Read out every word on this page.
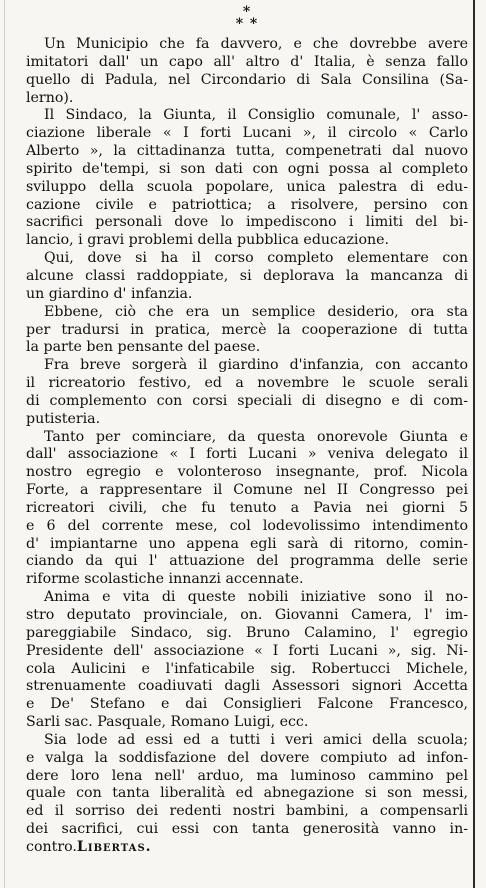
*
* *
Un Municipio che fa davvero, e che dovrebbe avere
imitatori dall' un capo all' altro d' Italia, è senza fallo
quello di Padula, nel Circondario di Sala Consilina (Sa-
lerno).
Il Sindaco, la Giunta, il Consiglio comunale, l' asso-
ciazione liberale « I forti Lucani », il circolo « Carlo
Alberto », la cittadinanza tutta, compenetrati dal nuovo
spirito de'tempi, si son dati con ogni possa al completo
sviluppo della scuola popolare, unica palestra di edu-
cazione civile e patriottica; a risolvere, persino con
sacrifici personali dove lo impediscono i limiti del bi-
lancio, i gravi problemi della pubblica educazione.
Qui, dove si ha il corso completo elementare con
alcune classi raddoppiate, si deplorava la mancanza di
un giardino d' infanzia.
Ebbene, ciò che era un semplice desiderio, ora sta
per tradursi in pratica, mercè la cooperazione di tutta
la parte ben pensante del paese.
Fra breve sorgerà il giardino d'infanzia, con accanto
il ricreatorio festivo, ed a novembre le scuole serali
di complemento con corsi speciali di disegno e di com-
putisteria.
Tanto per cominciare, da questa onorevole Giunta e
dall' associazione « I forti Lucani » veniva delegato il
nostro egregio e volonteroso insegnante, prof. Nicola
Forte, a rappresentare il Comune nel II Congresso pei
ricreatori civili, che fu tenuto a Pavia nei giorni 5
e 6 del corrente mese, col lodevolissimo intendimento
d' impiantarne uno appena egli sarà di ritorno, comin-
ciando da qui l' attuazione del programma delle serie
riforme scolastiche innanzi accennate.
Anima e vita di queste nobili iniziative sono il no-
stro deputato provinciale, on. Giovanni Camera, l' im-
pareggiabile Sindaco, sig. Bruno Calamino, l' egregio
Presidente dell' associazione « I forti Lucani », sig. Ni-
cola Aulicini e l'infaticabile sig. Robertucci Michele,
strenuamente coadiuvati dagli Assessori signori Accetta
e De' Stefano e dai Consiglieri Falcone Francesco,
Sarli sac. Pasquale, Romano Luigi, ecc.
Sia lode ad essi ed a tutti i veri amici della scuola;
e valga la soddisfazione del dovere compiuto ad infon-
dere loro lena nell' arduo, ma luminoso cammino pel
quale con tanta liberalità ed abnegazione si son messi,
ed il sorriso dei redenti nostri bambini, a compensarli
dei sacrifici, cui essi con tanta generosità vanno in-
contro.Libertas.
